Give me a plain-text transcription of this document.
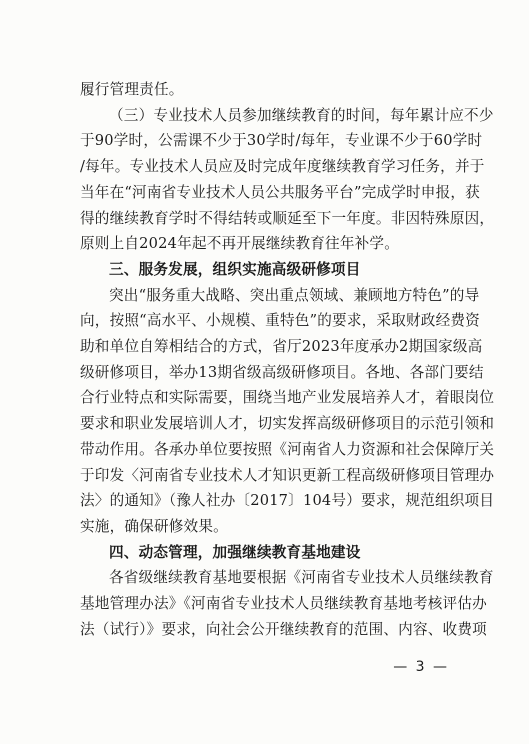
履行管理责任。
（三）专业技术人员参加继续教育的时间，每年累计应不少
于90学时，公需课不少于30学时/每年，专业课不少于60学时
/每年。专业技术人员应及时完成年度继续教育学习任务，并于
当年在“河南省专业技术人员公共服务平台”完成学时申报，获
得的继续教育学时不得结转或顺延至下一年度。非因特殊原因，
原则上自2024年起不再开展继续教育往年补学。
三、服务发展，组织实施高级研修项目
突出“服务重大战略、突出重点领域、兼顾地方特色”的导
向，按照“高水平、小规模、重特色”的要求，采取财政经费资
助和单位自筹相结合的方式，省厅2023年度承办2期国家级高
级研修项目，举办13期省级高级研修项目。各地、各部门要结
合行业特点和实际需要，围绕当地产业发展培养人才，着眼岗位
要求和职业发展培训人才，切实发挥高级研修项目的示范引领和
带动作用。各承办单位要按照《河南省人力资源和社会保障厅关
于印发〈河南省专业技术人才知识更新工程高级研修项目管理办
法〉的通知》（豫人社办〔2017〕104号）要求，规范组织项目
实施，确保研修效果。
四、动态管理，加强继续教育基地建设
各省级继续教育基地要根据《河南省专业技术人员继续教育
基地管理办法》《河南省专业技术人员继续教育基地考核评估办
法（试行）》要求，向社会公开继续教育的范围、内容、收费项
— 3 —
